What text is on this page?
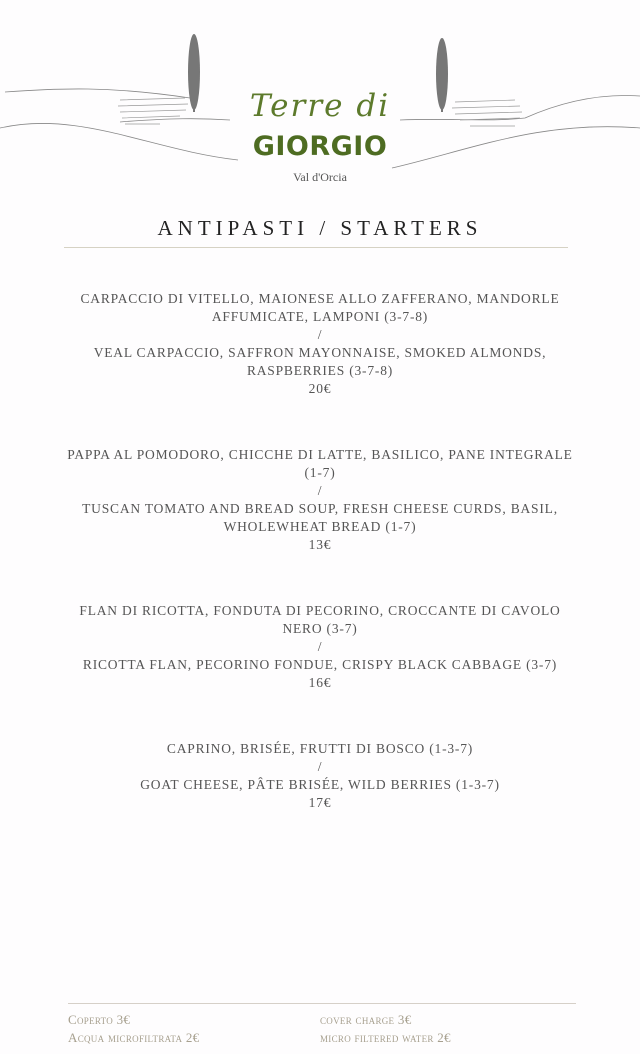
Terre di
GIORGIO
Val d'Orcia
ANTIPASTI / STARTERS
CARPACCIO DI VITELLO, MAIONESE ALLO ZAFFERANO, MANDORLE AFFUMICATE, LAMPONI (3-7-8)
/
VEAL CARPACCIO, SAFFRON MAYONNAISE, SMOKED ALMONDS, RASPBERRIES (3-7-8)
20€
PAPPA AL POMODORO, CHICCHE DI LATTE, BASILICO, PANE INTEGRALE (1-7)
/
TUSCAN TOMATO AND BREAD SOUP, FRESH CHEESE CURDS, BASIL, WHOLEWHEAT BREAD (1-7)
13€
FLAN DI RICOTTA, FONDUTA DI PECORINO, CROCCANTE DI CAVOLO NERO (3-7)
/
RICOTTA FLAN, PECORINO FONDUE, CRISPY BLACK CABBAGE (3-7)
16€
CAPRINO, BRISÉE, FRUTTI DI BOSCO (1-3-7)
/
GOAT CHEESE, PÂTE BRISÉE, WILD BERRIES (1-3-7)
17€
Coperto 3€
Acqua microfiltrata 2€
cover charge 3€
micro filtered water 2€
